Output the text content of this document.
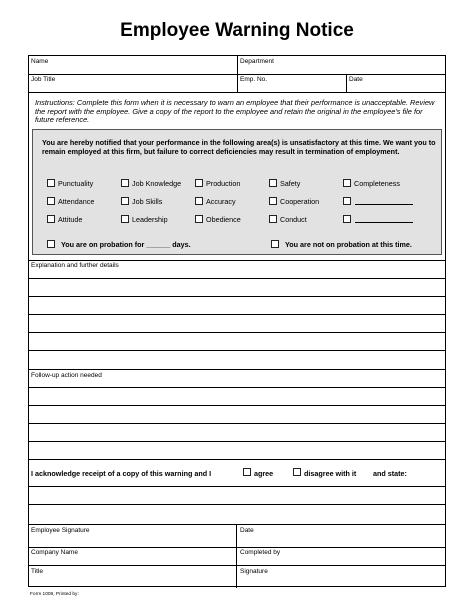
Employee Warning Notice
Name	Department
Job Title	Emp. No.	Date
Instructions: Complete this form when it is necessary to warn an employee that their performance is unacceptable. Review the report with the employee. Give a copy of the report to the employee and retain the original in the employee's file for future reference.
You are hereby notified that your performance in the following area(s) is unsatisfactory at this time. We want you to remain employed at this firm, but failure to correct deficiencies may result in termination of employment.
Punctuality	Job Knowledge	Production	Safety	Completeness
Attendance	Job Skills	Accuracy	Cooperation
Attitude	Leadership	Obedience	Conduct
You are on probation for ______ days.	You are not on probation at this time.
Explanation and further details
Follow-up action needed
I acknowledge receipt of a copy of this warning and I	agree	disagree with it and state:
Employee Signature	Date
Company Name	Completed by
Title	Signature
Form 1008, Printed by:
